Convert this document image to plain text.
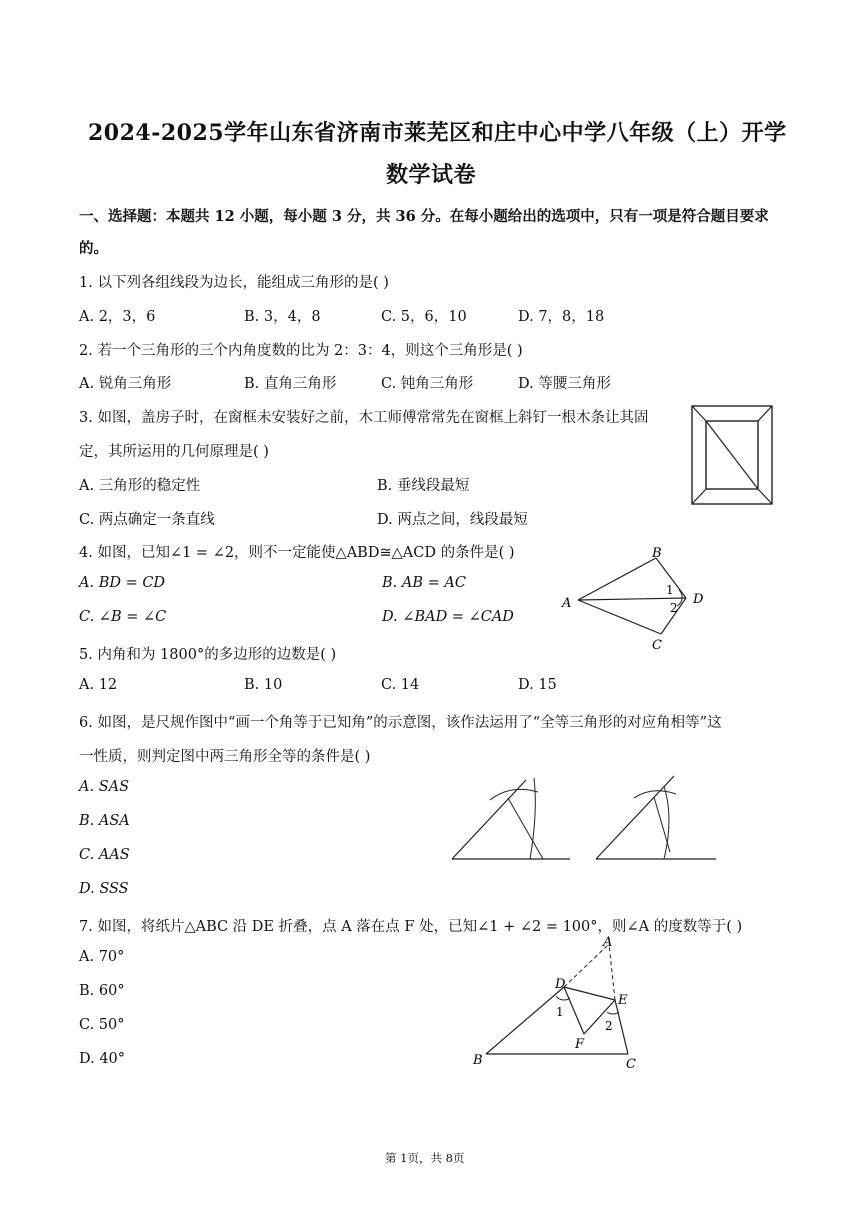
2024-2025学年山东省济南市莱芜区和庄中心中学八年级（上）开学
数学试卷
一、选择题：本题共 12 小题，每小题 3 分，共 36 分。在每小题给出的选项中，只有一项是符合题目要求
的。
1. 以下列各组线段为边长，能组成三角形的是( )
A. 2，3，6	B. 3，4，8	C. 5，6，10	D. 7，8，18
2. 若一个三角形的三个内角度数的比为 2：3：4，则这个三角形是( )
A. 锐角三角形	B. 直角三角形	C. 钝角三角形	D. 等腰三角形
3. 如图，盖房子时，在窗框未安装好之前，木工师傅常常先在窗框上斜钉一根木条让其固
定，其所运用的几何原理是( )
A. 三角形的稳定性	B. 垂线段最短
C. 两点确定一条直线	D. 两点之间，线段最短
4. 如图，已知∠1 = ∠2，则不一定能使△ABD≅△ACD 的条件是( )
A. BD = CD	B. AB = AC
C. ∠B = ∠C	D. ∠BAD = ∠CAD
B
D
A
C
1
2
5. 内角和为 1800°的多边形的边数是( )
A. 12	B. 10	C. 14	D. 15
6. 如图，是尺规作图中“画一个角等于已知角”的示意图，该作法运用了“全等三角形的对应角相等”这
一性质，则判定图中两三角形全等的条件是( )
A. SAS
B. ASA
C. AAS
D. SSS
7. 如图，将纸片△ABC 沿 DE 折叠，点 A 落在点 F 处，已知∠1 + ∠2 = 100°，则∠A 的度数等于( )
A. 70°
B. 60°
C. 50°
D. 40°
A
D
E
F
B	C
1
2
第 1页，共 8页
